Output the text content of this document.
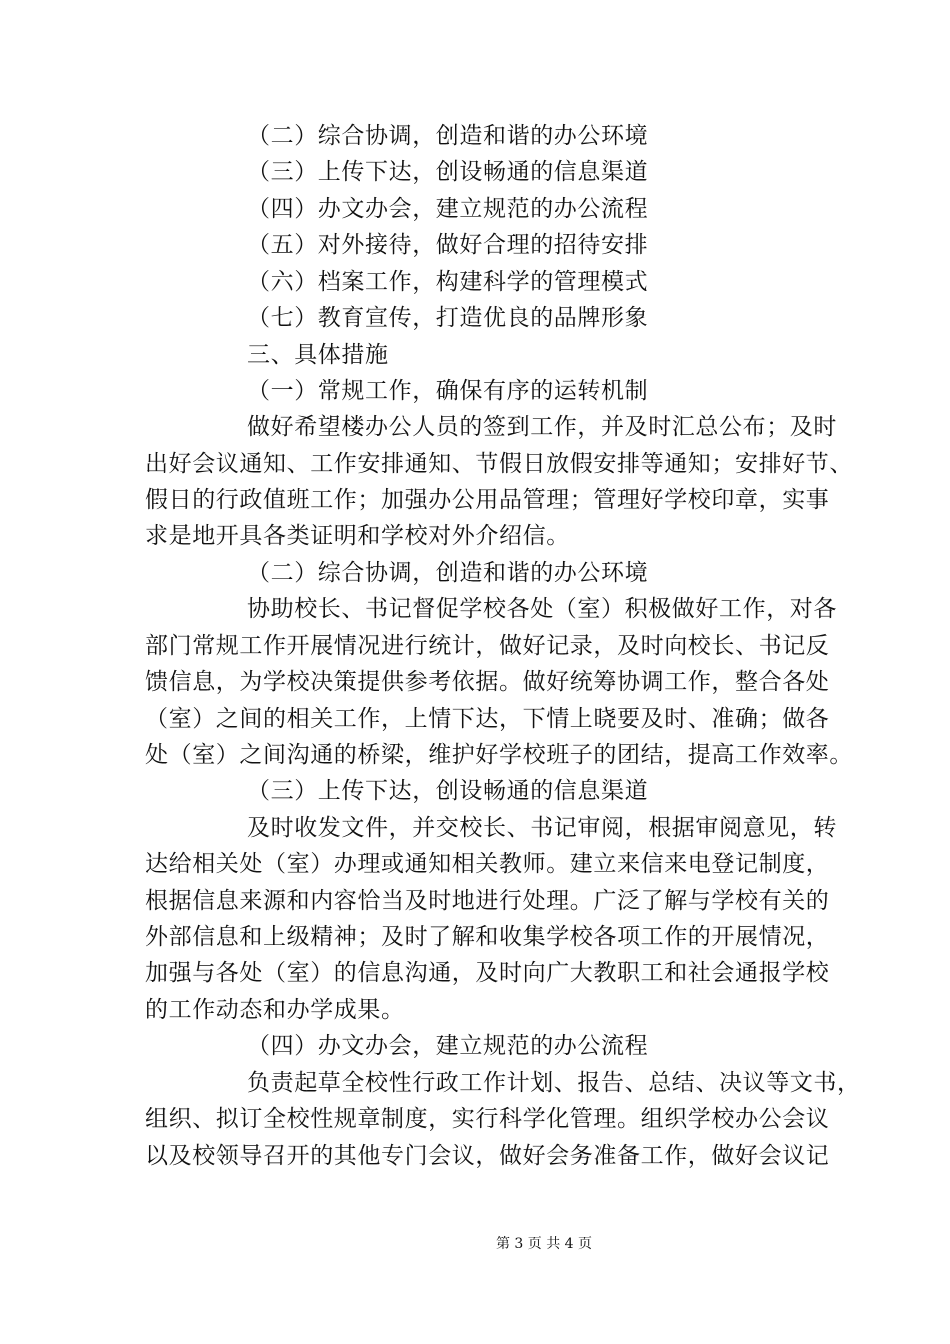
（二）综合协调，创造和谐的办公环境
（三）上传下达，创设畅通的信息渠道
（四）办文办会，建立规范的办公流程
（五）对外接待，做好合理的招待安排
（六）档案工作，构建科学的管理模式
（七）教育宣传，打造优良的品牌形象
三、具体措施
（一）常规工作，确保有序的运转机制
做好希望楼办公人员的签到工作，并及时汇总公布；及时
出好会议通知、工作安排通知、节假日放假安排等通知；安排好节、
假日的行政值班工作；加强办公用品管理；管理好学校印章，实事
求是地开具各类证明和学校对外介绍信。
（二）综合协调，创造和谐的办公环境
协助校长、书记督促学校各处（室）积极做好工作，对各
部门常规工作开展情况进行统计，做好记录，及时向校长、书记反
馈信息，为学校决策提供参考依据。做好统筹协调工作，整合各处
（室）之间的相关工作，上情下达，下情上晓要及时、准确；做各
处（室）之间沟通的桥梁，维护好学校班子的团结，提高工作效率。
（三）上传下达，创设畅通的信息渠道
及时收发文件，并交校长、书记审阅，根据审阅意见，转
达给相关处（室）办理或通知相关教师。建立来信来电登记制度，
根据信息来源和内容恰当及时地进行处理。广泛了解与学校有关的
外部信息和上级精神；及时了解和收集学校各项工作的开展情况，
加强与各处（室）的信息沟通，及时向广大教职工和社会通报学校
的工作动态和办学成果。
（四）办文办会，建立规范的办公流程
负责起草全校性行政工作计划、报告、总结、决议等文书，
组织、拟订全校性规章制度，实行科学化管理。组织学校办公会议
以及校领导召开的其他专门会议，做好会务准备工作，做好会议记
第 3 页 共 4 页
